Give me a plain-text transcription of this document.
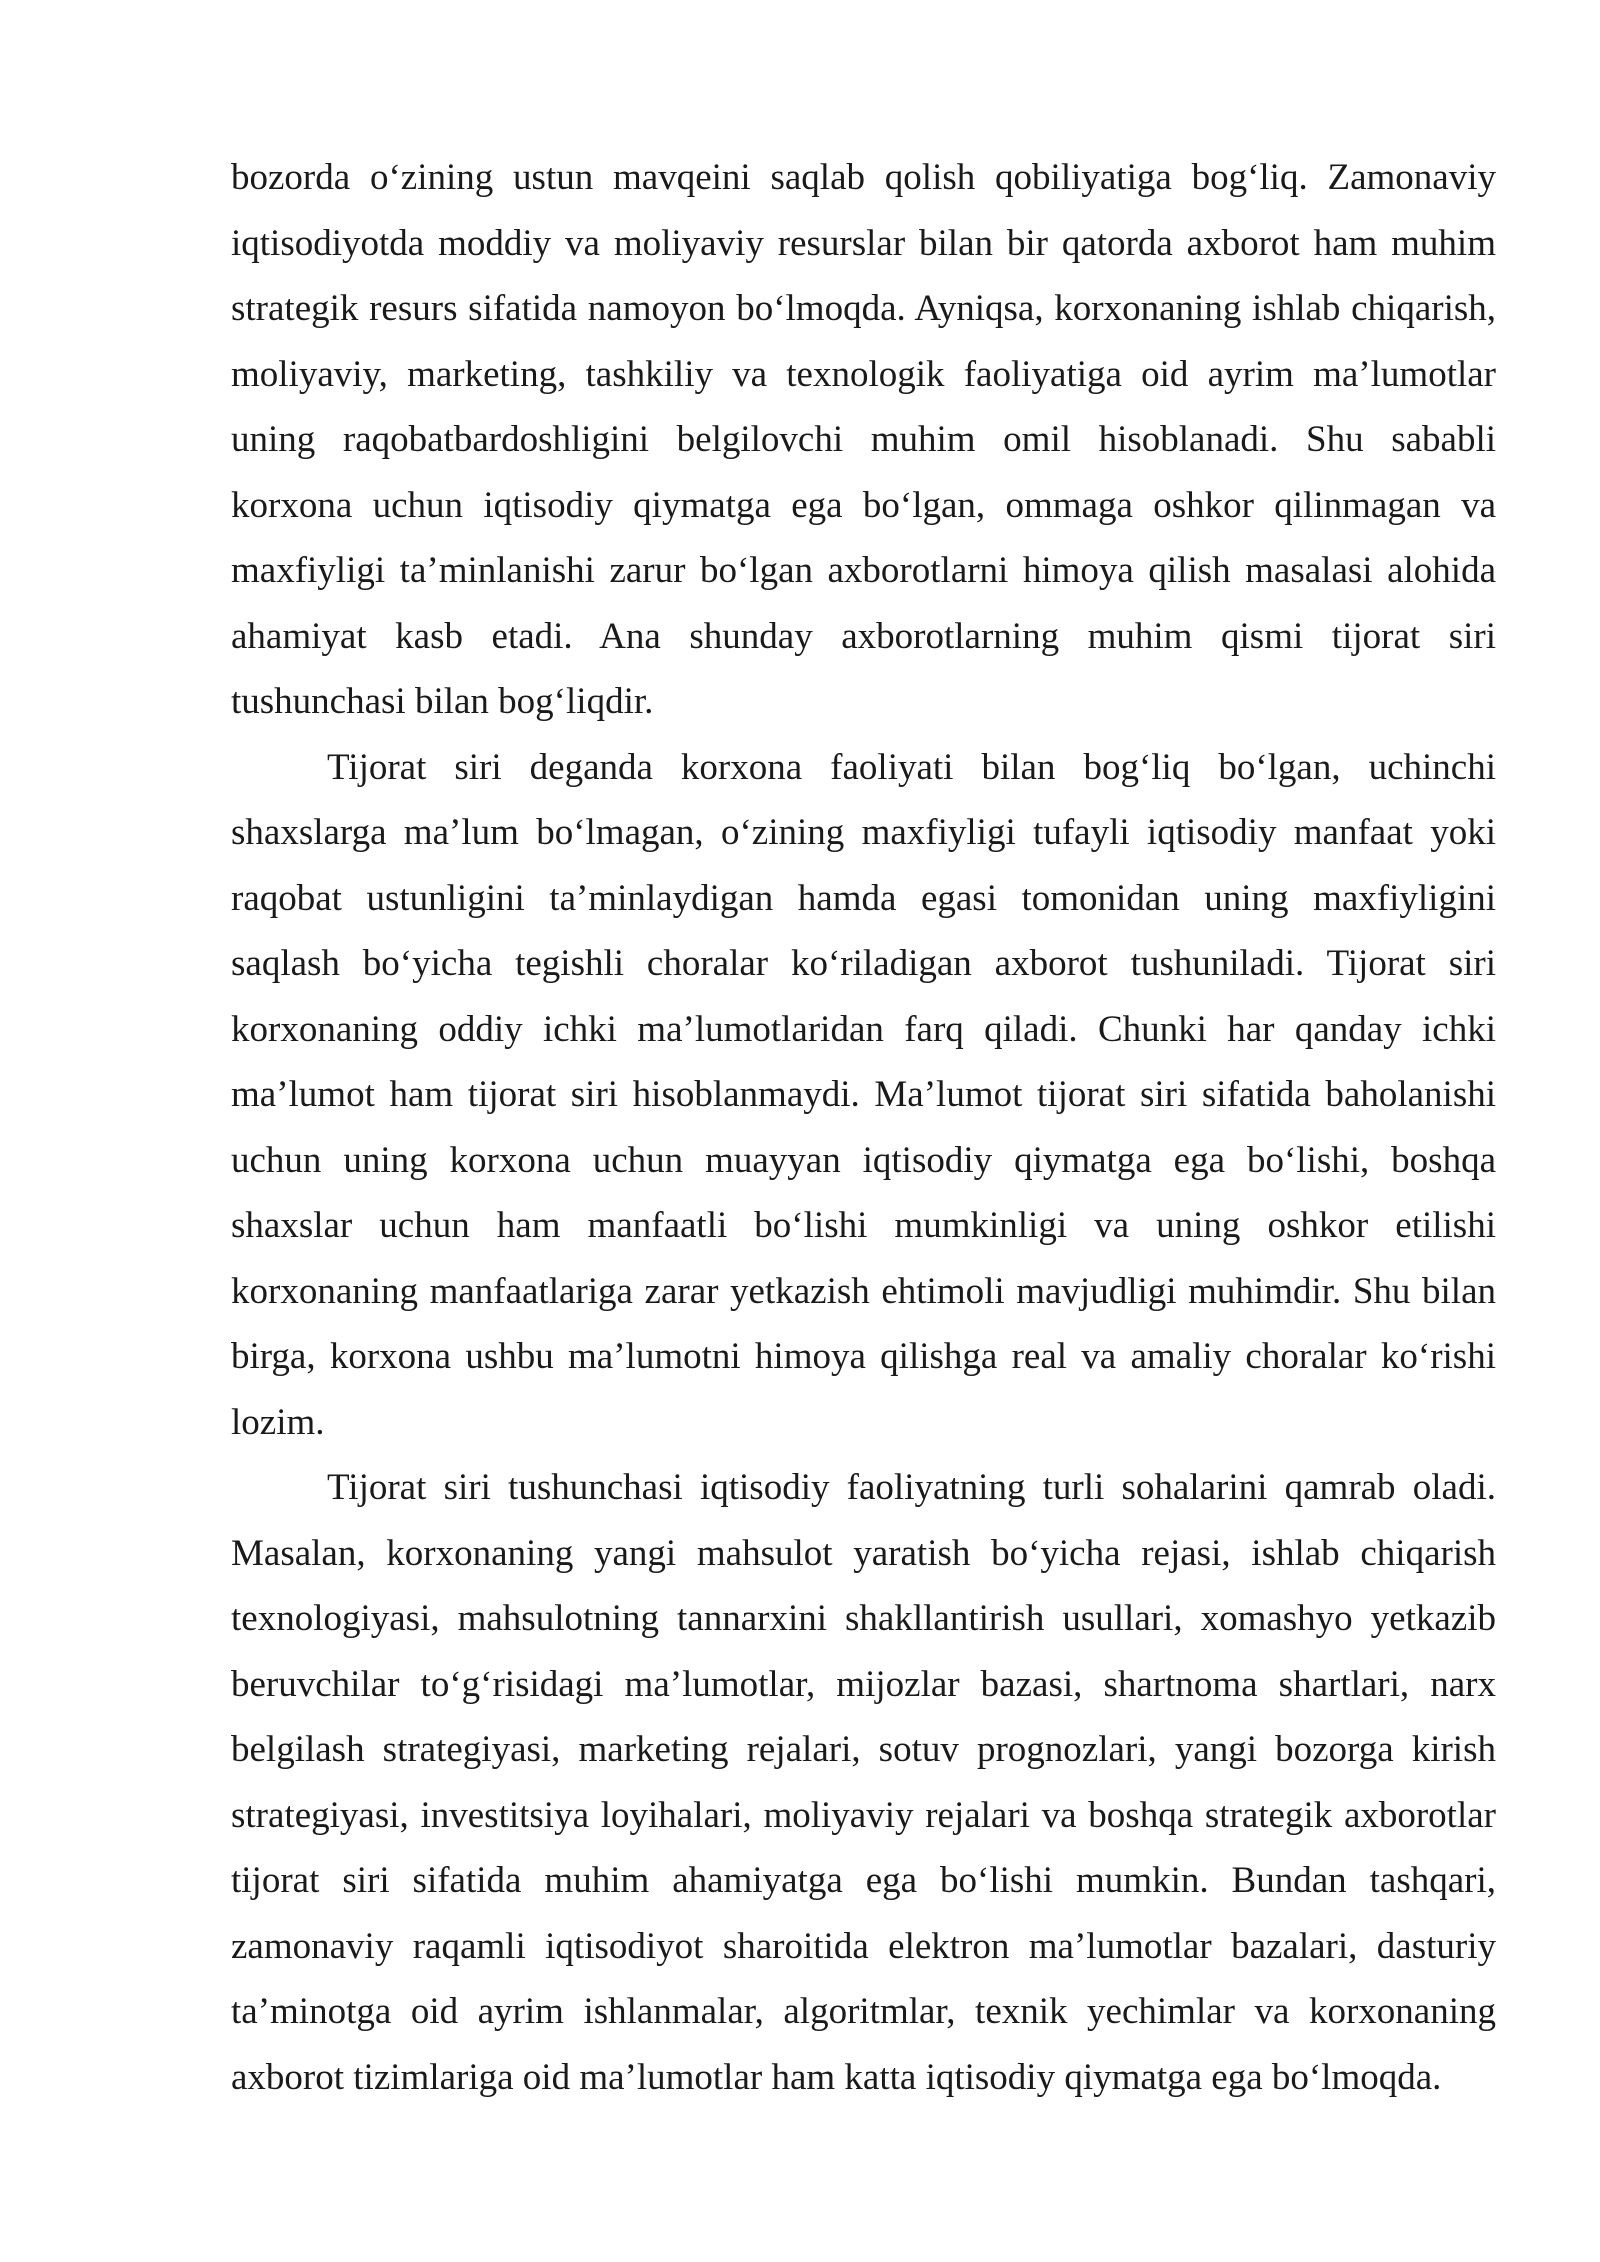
bozorda o‘zining ustun mavqeini saqlab qolish qobiliyatiga bog‘liq. Zamonaviy iqtisodiyotda moddiy va moliyaviy resurslar bilan bir qatorda axborot ham muhim strategik resurs sifatida namoyon bo‘lmoqda. Ayniqsa, korxonaning ishlab chiqarish, moliyaviy, marketing, tashkiliy va texnologik faoliyatiga oid ayrim ma’lumotlar uning raqobatbardoshligini belgilovchi muhim omil hisoblanadi. Shu sababli korxona uchun iqtisodiy qiymatga ega bo‘lgan, ommaga oshkor qilinmagan va maxfiyligi ta’minlanishi zarur bo‘lgan axborotlarni himoya qilish masalasi alohida ahamiyat kasb etadi. Ana shunday axborotlarning muhim qismi tijorat siri tushunchasi bilan bog‘liqdir.

Tijorat siri deganda korxona faoliyati bilan bog‘liq bo‘lgan, uchinchi shaxslarga ma’lum bo‘lmagan, o‘zining maxfiyligi tufayli iqtisodiy manfaat yoki raqobat ustunligini ta’minlaydigan hamda egasi tomonidan uning maxfiyligini saqlash bo‘yicha tegishli choralar ko‘riladigan axborot tushuniladi. Tijorat siri korxonaning oddiy ichki ma’lumotlaridan farq qiladi. Chunki har qanday ichki ma’lumot ham tijorat siri hisoblanmaydi. Ma’lumot tijorat siri sifatida baholanishi uchun uning korxona uchun muayyan iqtisodiy qiymatga ega bo‘lishi, boshqa shaxslar uchun ham manfaatli bo‘lishi mumkinligi va uning oshkor etilishi korxonaning manfaatlariga zarar yetkazish ehtimoli mavjudligi muhimdir. Shu bilan birga, korxona ushbu ma’lumotni himoya qilishga real va amaliy choralar ko‘rishi lozim.

Tijorat siri tushunchasi iqtisodiy faoliyatning turli sohalarini qamrab oladi. Masalan, korxonaning yangi mahsulot yaratish bo‘yicha rejasi, ishlab chiqarish texnologiyasi, mahsulotning tannarxini shakllantirish usullari, xomashyo yetkazib beruvchilar to‘g‘risidagi ma’lumotlar, mijozlar bazasi, shartnoma shartlari, narx belgilash strategiyasi, marketing rejalari, sotuv prognozlari, yangi bozorga kirish strategiyasi, investitsiya loyihalari, moliyaviy rejalari va boshqa strategik axborotlar tijorat siri sifatida muhim ahamiyatga ega bo‘lishi mumkin. Bundan tashqari, zamonaviy raqamli iqtisodiyot sharoitida elektron ma’lumotlar bazalari, dasturiy ta’minotga oid ayrim ishlanmalar, algoritmlar, texnik yechimlar va korxonaning axborot tizimlariga oid ma’lumotlar ham katta iqtisodiy qiymatga ega bo‘lmoqda.
